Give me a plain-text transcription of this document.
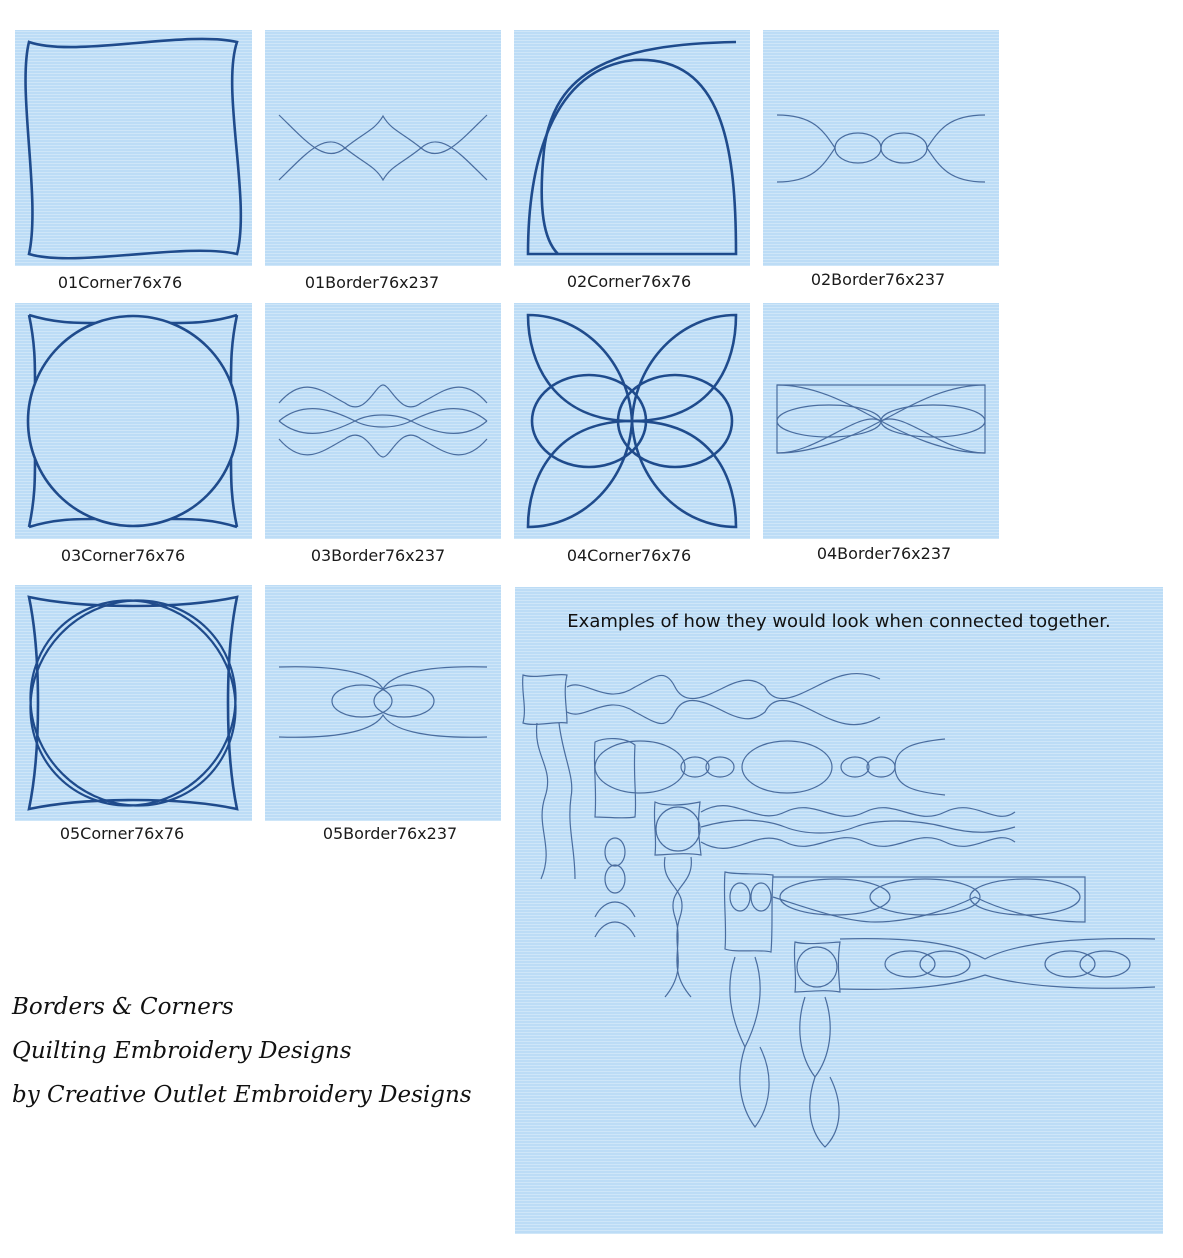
01Corner76x76	01Border76x237	02Corner76x76	02Border76x237
03Corner76x76	03Border76x237	04Corner76x76	04Border76x237
05Corner76x76	05Border76x237
Examples of how they would look when connected together.
Borders & Corners
Quilting Embroidery Designs
by Creative Outlet Embroidery Designs
